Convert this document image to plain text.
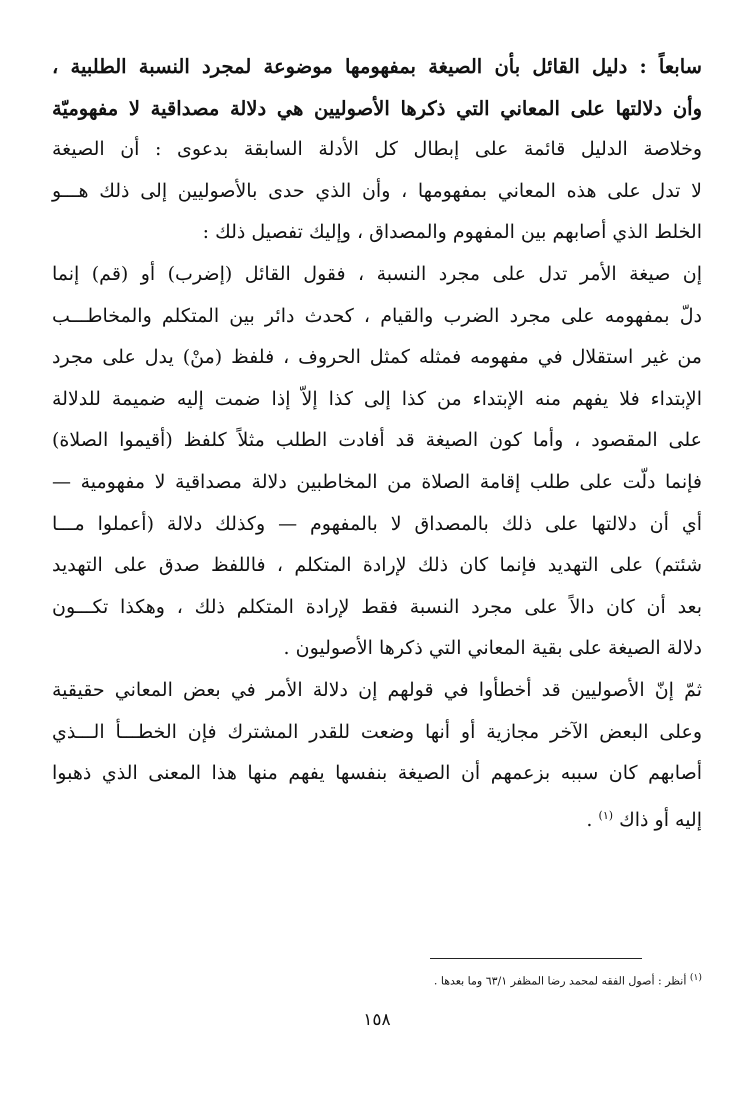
سابعاً : دليل القائل بأن الصيغة بمفهومها موضوعة لمجرد النسبة الطلبية ،
وأن دلالتها على المعاني التي ذكرها الأصوليين هي دلالة مصداقية لا مفهوميّة
وخلاصة الدليل قائمة على إبطال كل الأدلة السابقة بدعوى : أن الصيغة
لا تدل على هذه المعاني بمفهومها ، وأن الذي حدى بالأصوليين إلى ذلك هـــو
الخلط الذي أصابهم بين المفهوم والمصداق ، وإليك تفصيل ذلك :
إن صيغة الأمر تدل على مجرد النسبة ، فقول القائل (إضرب) أو (قم) إنما
دلّ بمفهومه على مجرد الضرب والقيام ، كحدث دائر بين المتكلم والمخاطـــب
من غير استقلال في مفهومه فمثله كمثل الحروف ، فلفظ (منْ) يدل على مجرد
الإبتداء فلا يفهم منه الإبتداء من كذا إلى كذا إلاّ إذا ضمت إليه ضميمة للدلالة
على المقصود ، وأما كون الصيغة قد أفادت الطلب مثلاً كلفظ (أقيموا الصلاة)
فإنما دلّت على طلب إقامة الصلاة من المخاطبين دلالة مصداقية لا مفهومية —
أي أن دلالتها على ذلك بالمصداق لا بالمفهوم — وكذلك دلالة (أعملوا مـــا
شئتم) على التهديد فإنما كان ذلك لإرادة المتكلم ، فاللفظ صدق على التهديد
بعد أن كان دالاً على مجرد النسبة فقط لإرادة المتكلم ذلك ، وهكذا تكـــون
دلالة الصيغة على بقية المعاني التي ذكرها الأصوليون .
ثمّ إنّ الأصوليين قد أخطأوا في قولهم إن دلالة الأمر في بعض المعاني حقيقية
وعلى البعض الآخر مجازية أو أنها وضعت للقدر المشترك فإن الخطـــأ الـــذي
أصابهم كان سببه بزعمهم أن الصيغة بنفسها يفهم منها هذا المعنى الذي ذهبوا
إليه أو ذاك $^{(١)}$ .
$^{(١)}$ أنظر : أصول الفقه لمحمد رضا المظفر ٦٣/١ وما بعدها .
١٥٨
